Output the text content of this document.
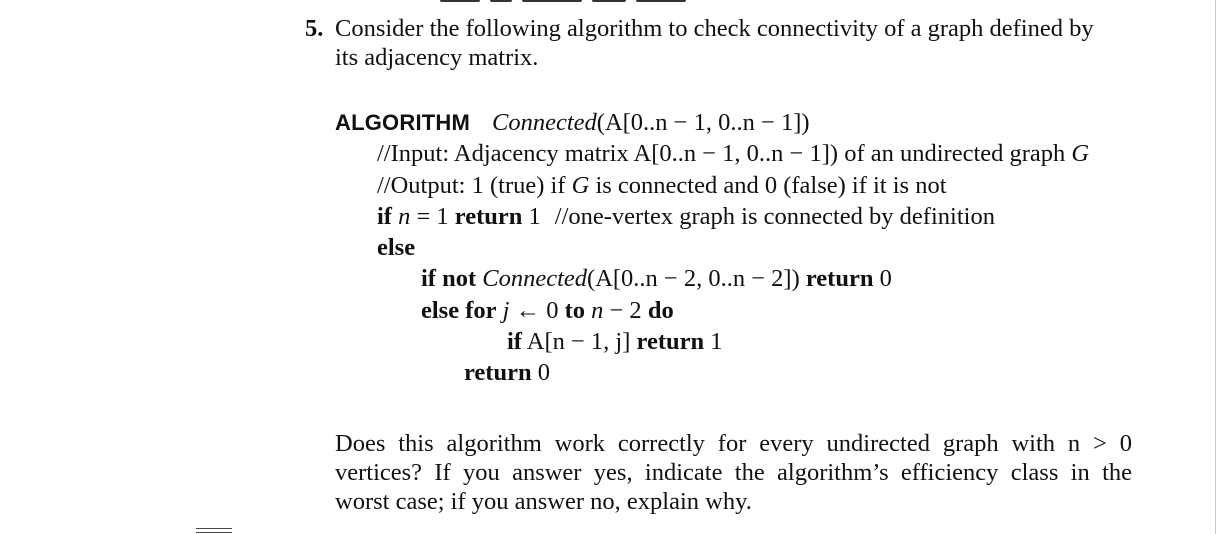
5. Consider the following algorithm to check connectivity of a graph defined by
its adjacency matrix.
ALGORITHM Connected(A[0..n − 1, 0..n − 1])
//Input: Adjacency matrix A[0..n − 1, 0..n − 1]) of an undirected graph G
//Output: 1 (true) if G is connected and 0 (false) if it is not
if n = 1 return 1 //one-vertex graph is connected by definition
else
if not Connected(A[0..n − 2, 0..n − 2]) return 0
else for j ← 0 to n − 2 do
if A[n − 1, j] return 1
return 0
Does this algorithm work correctly for every undirected graph with n > 0
vertices? If you answer yes, indicate the algorithm’s efficiency class in the
worst case; if you answer no, explain why.
